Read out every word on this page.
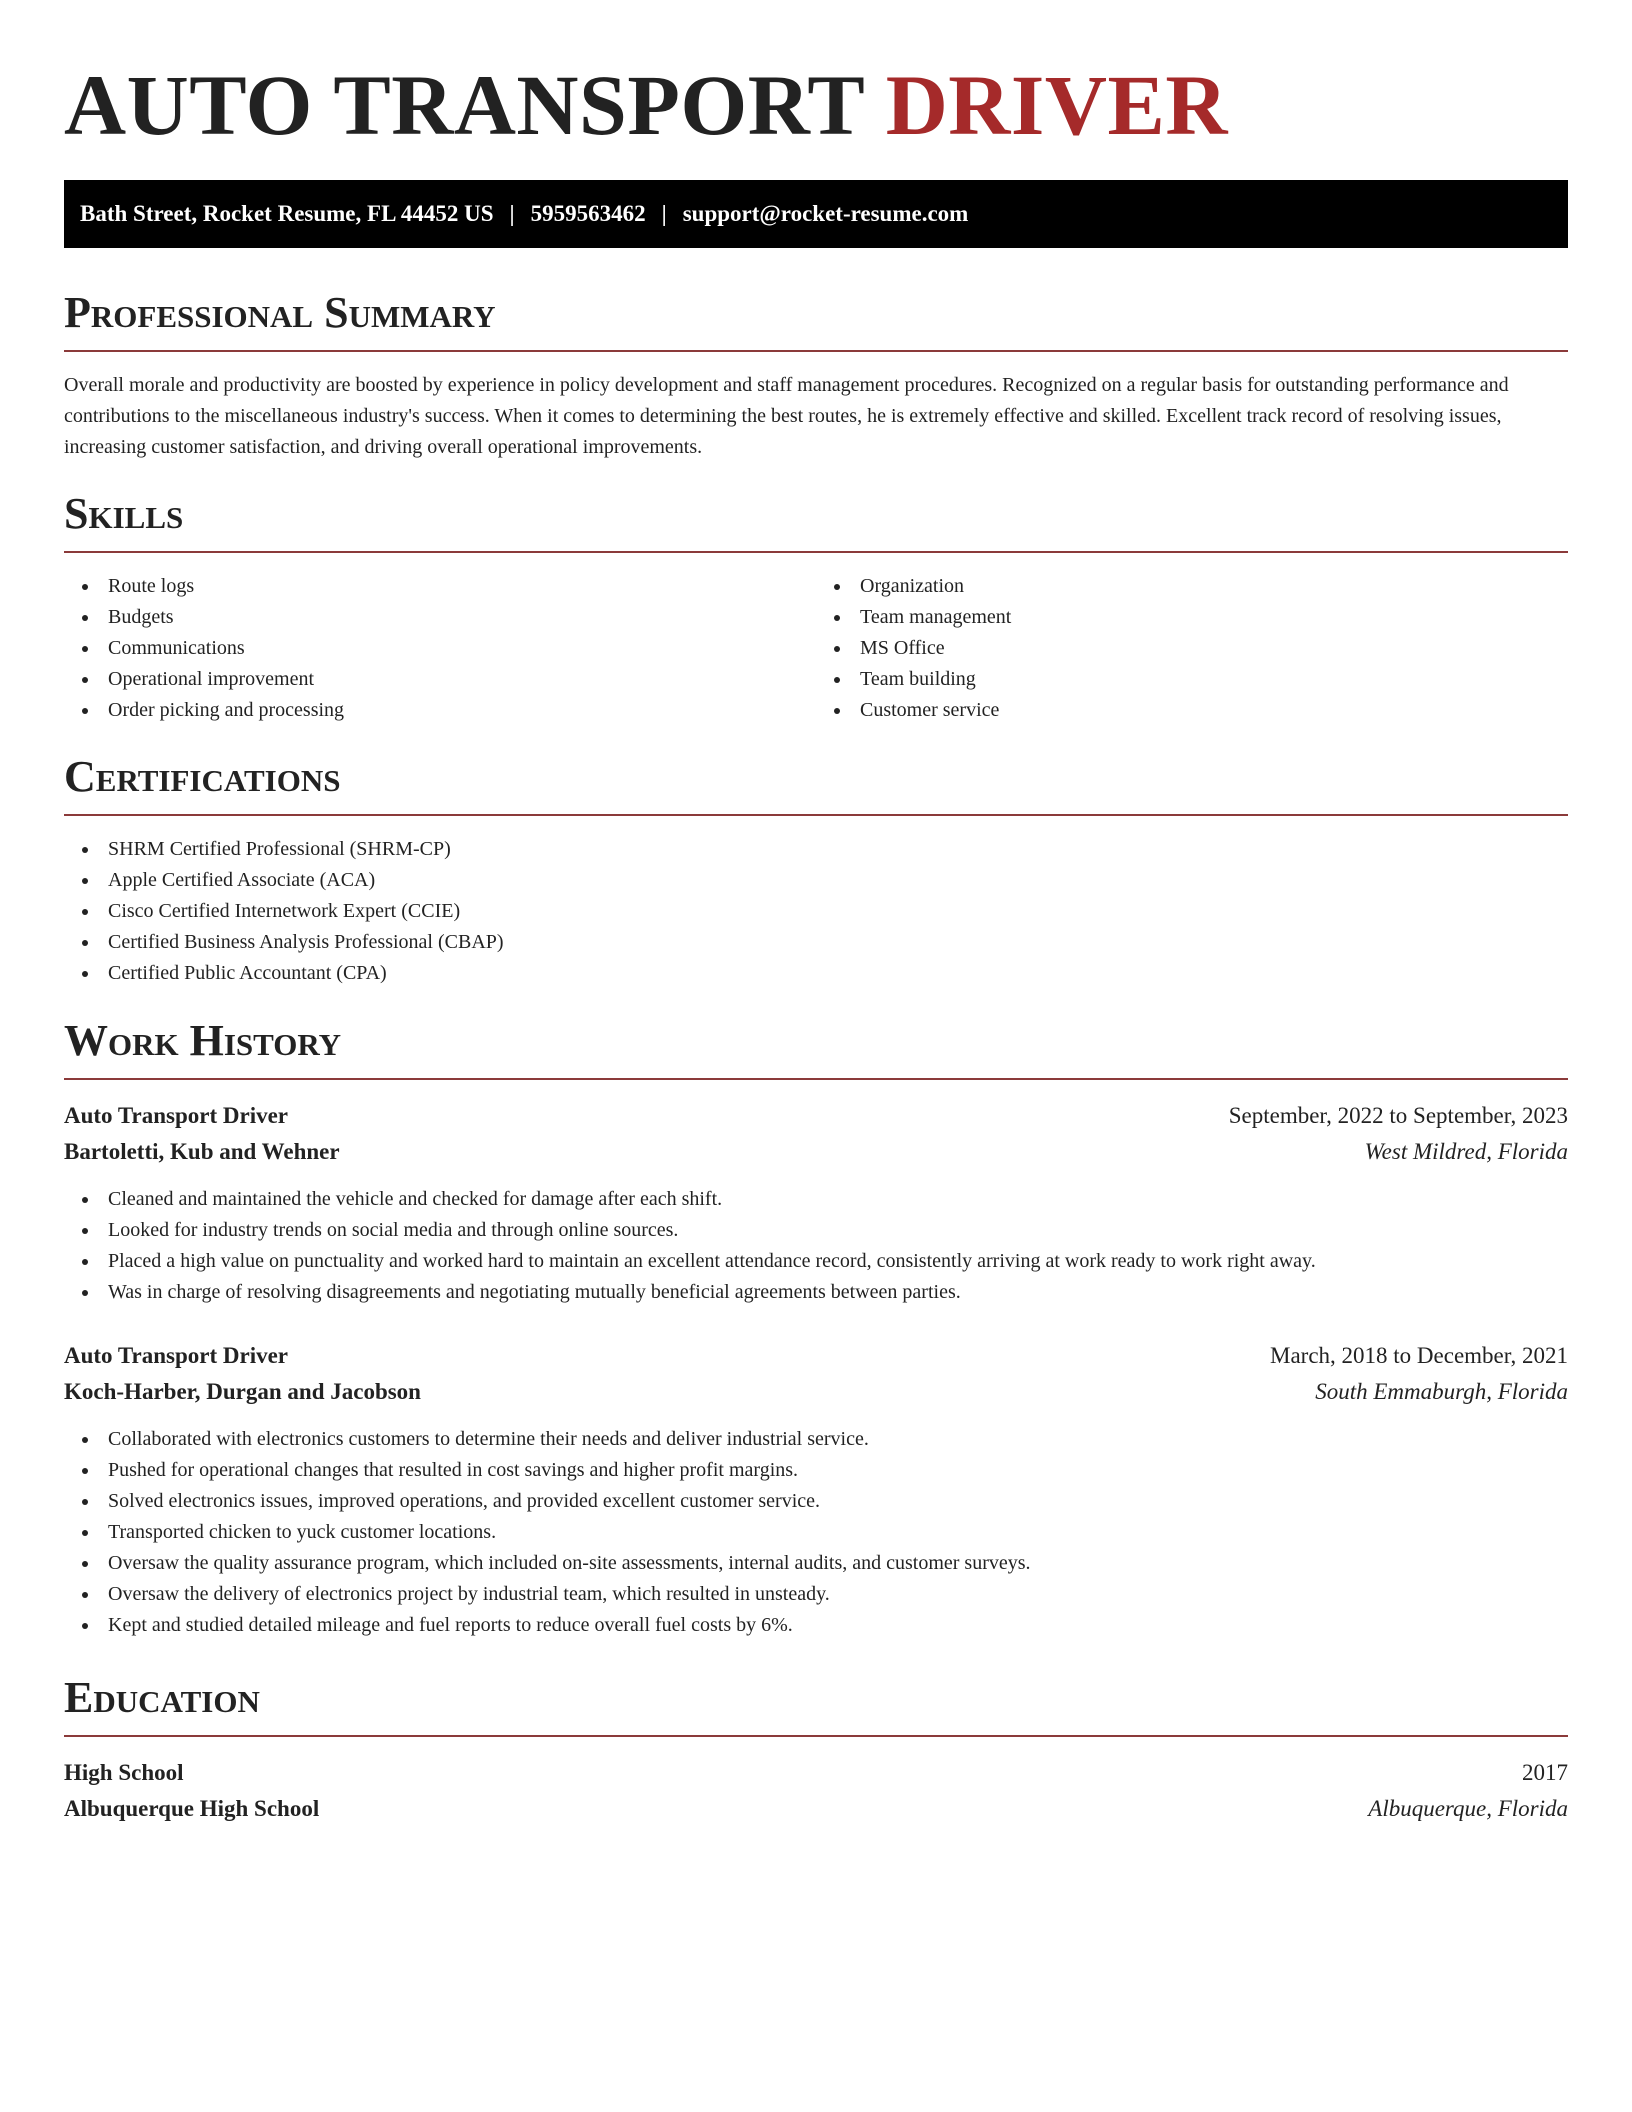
AUTO TRANSPORT DRIVER
Bath Street, Rocket Resume, FL 44452 US | 5959563462 | support@rocket-resume.com
Professional Summary

Overall morale and productivity are boosted by experience in policy development and staff management procedures. Recognized on a regular basis for outstanding performance and contributions to the miscellaneous industry's success. When it comes to determining the best routes, he is extremely effective and skilled. Excellent track record of resolving issues, increasing customer satisfaction, and driving overall operational improvements.

Skills
Route logs
Budgets
Communications
Operational improvement
Order picking and processing
Organization
Team management
MS Office
Team building
Customer service
Certifications
SHRM Certified Professional (SHRM-CP)
Apple Certified Associate (ACA)
Cisco Certified Internetwork Expert (CCIE)
Certified Business Analysis Professional (CBAP)
Certified Public Accountant (CPA)
Work History
Auto Transport Driver	September, 2022 to September, 2023
Bartoletti, Kub and Wehner	West Mildred, Florida
Cleaned and maintained the vehicle and checked for damage after each shift.
Looked for industry trends on social media and through online sources.
Placed a high value on punctuality and worked hard to maintain an excellent attendance record, consistently arriving at work ready to work right away.
Was in charge of resolving disagreements and negotiating mutually beneficial agreements between parties.
Auto Transport Driver	March, 2018 to December, 2021
Koch-Harber, Durgan and Jacobson	South Emmaburgh, Florida
Collaborated with electronics customers to determine their needs and deliver industrial service.
Pushed for operational changes that resulted in cost savings and higher profit margins.
Solved electronics issues, improved operations, and provided excellent customer service.
Transported chicken to yuck customer locations.
Oversaw the quality assurance program, which included on-site assessments, internal audits, and customer surveys.
Oversaw the delivery of electronics project by industrial team, which resulted in unsteady.
Kept and studied detailed mileage and fuel reports to reduce overall fuel costs by 6%.
Education
High School	2017
Albuquerque High School	Albuquerque, Florida
